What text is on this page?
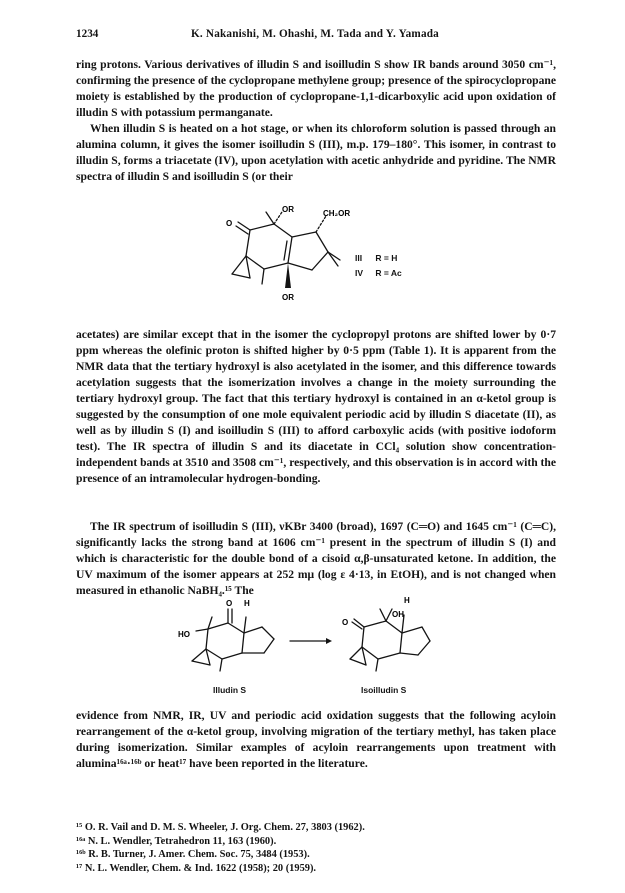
1234	K. Nakanishi, M. Ohashi, M. Tada and Y. Yamada

ring protons. Various derivatives of illudin S and isoilludin S show IR bands around 3050 cm⁻¹, confirming the presence of the cyclopropane methylene group; presence of the spirocyclopropane moiety is established by the production of cyclopropane-1,1-dicarboxylic acid upon oxidation of illudin S with potassium permanganate.

When illudin S is heated on a hot stage, or when its chloroform solution is passed through an alumina column, it gives the isomer isoilludin S (III), m.p. 179–180°. This isomer, in contrast to illudin S, forms a triacetate (IV), upon acetylation with acetic anhydride and pyridine. The NMR spectra of illudin S and isoilludin S (or their

OR	CH₂OR
O
OR
III R = H
IV R = Ac

acetates) are similar except that in the isomer the cyclopropyl protons are shifted lower by 0·7 ppm whereas the olefinic proton is shifted higher by 0·5 ppm (Table 1). It is apparent from the NMR data that the tertiary hydroxyl is also acetylated in the isomer, and this difference towards acetylation suggests that the isomerization involves a change in the moiety surrounding the tertiary hydroxyl group. The fact that this tertiary hydroxyl is contained in an α-ketol group is suggested by the consumption of one mole equivalent periodic acid by illudin S diacetate (II), as well as by illudin S (I) and isoilludin S (III) to afford carboxylic acids (with positive iodoform test). The IR spectra of illudin S and its diacetate in CCl₄ solution show concentration-independent bands at 3510 and 3508 cm⁻¹, respectively, and this observation is in accord with the presence of an intramolecular hydrogen-bonding.

The IR spectrum of isoilludin S (III), νKBr 3400 (broad), 1697 (C═O) and 1645 cm⁻¹ (C═C), significantly lacks the strong band at 1606 cm⁻¹ present in the spectrum of illudin S (I) and which is characteristic for the double bond of a cisoid α,β-unsaturated ketone. In addition, the UV maximum of the isomer appears at 252 mμ (log ε 4·13, in EtOH), and is not changed when measured in ethanolic NaBH₄.¹⁵ The

O H
HO
H
OH
O
Illudin S	Isoilludin S

evidence from NMR, IR, UV and periodic acid oxidation suggests that the following acyloin rearrangement of the α-ketol group, involving migration of the tertiary methyl, has taken place during isomerization. Similar examples of acyloin rearrangements upon treatment with alumina¹⁶ᵃ·¹⁶ᵇ or heat¹⁷ have been reported in the literature.

¹⁵ O. R. Vail and D. M. S. Wheeler, J. Org. Chem. 27, 3803 (1962).
¹⁶ᵃ N. L. Wendler, Tetrahedron 11, 163 (1960).
¹⁶ᵇ R. B. Turner, J. Amer. Chem. Soc. 75, 3484 (1953).
¹⁷ N. L. Wendler, Chem. & Ind. 1622 (1958); 20 (1959).
